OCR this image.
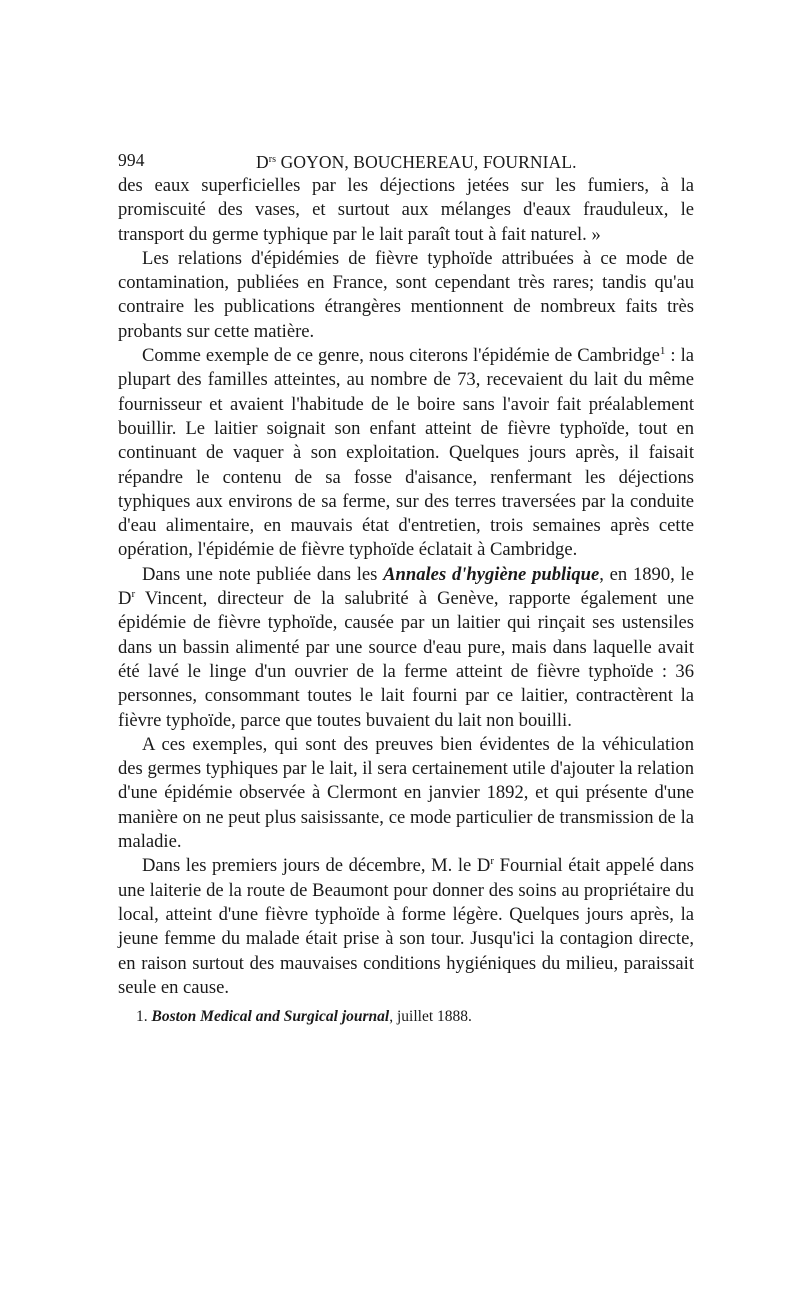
994	$D^{rs}$ GOYON, BOUCHEREAU, FOURNIAL.

des eaux superficielles par les déjections jetées sur les fumiers, à la promiscuité des vases, et surtout aux mélanges d'eaux frauduleux, le transport du germe typhique par le lait paraît tout à fait naturel. »

Les relations d'épidémies de fièvre typhoïde attribuées à ce mode de contamination, publiées en France, sont cependant très rares; tandis qu'au contraire les publications étrangères mentionnent de nombreux faits très probants sur cette matière.

Comme exemple de ce genre, nous citerons l'épidémie de Cambridge$^1$ : la plupart des familles atteintes, au nombre de 73, recevaient du lait du même fournisseur et avaient l'habitude de le boire sans l'avoir fait préalablement bouillir. Le laitier soignait son enfant atteint de fièvre typhoïde, tout en continuant de vaquer à son exploitation. Quelques jours après, il faisait répandre le contenu de sa fosse d'aisance, renfermant les déjections typhiques aux environs de sa ferme, sur des terres traversées par la conduite d'eau alimentaire, en mauvais état d'entretien, trois semaines après cette opération, l'épidémie de fièvre typhoïde éclatait à Cambridge.

Dans une note publiée dans les Annales d'hygiène publique, en 1890, le $D^r$ Vincent, directeur de la salubrité à Genève, rapporte également une épidémie de fièvre typhoïde, causée par un laitier qui rinçait ses ustensiles dans un bassin alimenté par une source d'eau pure, mais dans laquelle avait été lavé le linge d'un ouvrier de la ferme atteint de fièvre typhoïde : 36 personnes, consommant toutes le lait fourni par ce laitier, contractèrent la fièvre typhoïde, parce que toutes buvaient du lait non bouilli.

A ces exemples, qui sont des preuves bien évidentes de la véhiculation des germes typhiques par le lait, il sera certainement utile d'ajouter la relation d'une épidémie observée à Clermont en janvier 1892, et qui présente d'une manière on ne peut plus saisissante, ce mode particulier de transmission de la maladie.

Dans les premiers jours de décembre, M. le $D^r$ Fournial était appelé dans une laiterie de la route de Beaumont pour donner des soins au propriétaire du local, atteint d'une fièvre typhoïde à forme légère. Quelques jours après, la jeune femme du malade était prise à son tour. Jusqu'ici la contagion directe, en raison surtout des mauvaises conditions hygiéniques du milieu, paraissait seule en cause.

1. Boston Medical and Surgical journal, juillet 1888.
